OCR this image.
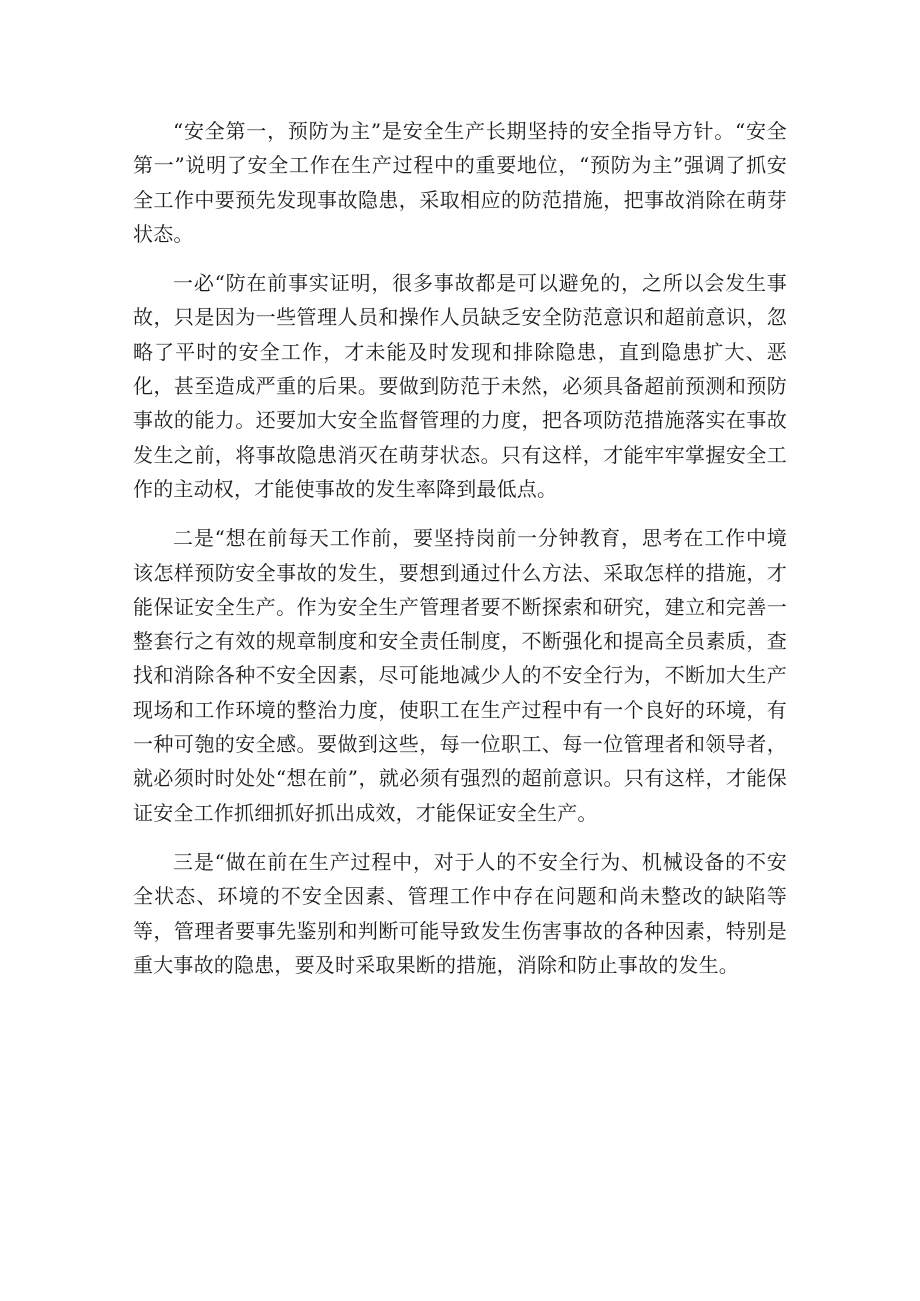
“安全第一，预防为主”是安全生产长期坚持的安全指导方针。“安全第一”说明了安全工作在生产过程中的重要地位，“预防为主”强调了抓安全工作中要预先发现事故隐患，采取相应的防范措施，把事故消除在萌芽状态。

一必“防在前事实证明，很多事故都是可以避免的，之所以会发生事故，只是因为一些管理人员和操作人员缺乏安全防范意识和超前意识，忽略了平时的安全工作，才未能及时发现和排除隐患，直到隐患扩大、恶化，甚至造成严重的后果。要做到防范于未然，必须具备超前预测和预防事故的能力。还要加大安全监督管理的力度，把各项防范措施落实在事故发生之前，将事故隐患消灭在萌芽状态。只有这样，才能牢牢掌握安全工作的主动权，才能使事故的发生率降到最低点。

二是“想在前每天工作前，要坚持岗前一分钟教育，思考在工作中境该怎样预防安全事故的发生，要想到通过什么方法、采取怎样的措施，才能保证安全生产。作为安全生产管理者要不断探索和研究，建立和完善一整套行之有效的规章制度和安全责任制度，不断强化和提高全员素质，查找和消除各种不安全因素，尽可能地减少人的不安全行为，不断加大生产现场和工作环境的整治力度，使职工在生产过程中有一个良好的环境，有一种可匏的安全感。要做到这些，每一位职工、每一位管理者和领导者，就必须时时处处“想在前”，就必须有强烈的超前意识。只有这样，才能保证安全工作抓细抓好抓出成效，才能保证安全生产。

三是“做在前在生产过程中，对于人的不安全行为、机械设备的不安全状态、环境的不安全因素、管理工作中存在问题和尚未整改的缺陷等等，管理者要事先鉴别和判断可能导致发生伤害事故的各种因素，特别是重大事故的隐患，要及时采取果断的措施，消除和防止事故的发生。
